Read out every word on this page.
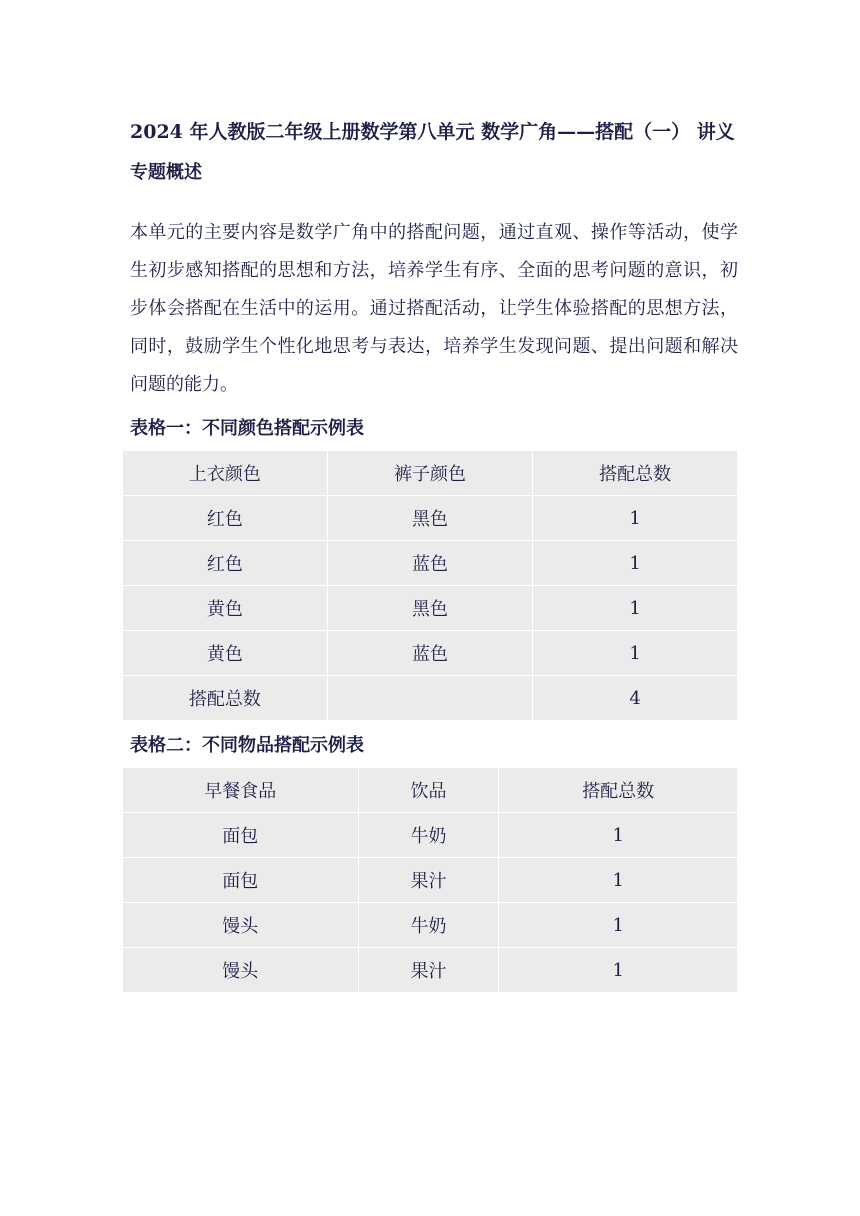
2024 年人教版二年级上册数学第八单元 数学广角——搭配（一） 讲义
专题概述

本单元的主要内容是数学广角中的搭配问题，通过直观、操作等活动，使学生初步感知搭配的思想和方法，培养学生有序、全面的思考问题的意识，初步体会搭配在生活中的运用。通过搭配活动，让学生体验搭配的思想方法，同时，鼓励学生个性化地思考与表达，培养学生发现问题、提出问题和解决问题的能力。

表格一：不同颜色搭配示例表
上衣颜色	裤子颜色	搭配总数
红色	黑色	1
红色	蓝色	1
黄色	黑色	1
黄色	蓝色	1
搭配总数		4
表格二：不同物品搭配示例表
早餐食品	饮品	搭配总数
面包	牛奶	1
面包	果汁	1
馒头	牛奶	1
馒头	果汁	1
